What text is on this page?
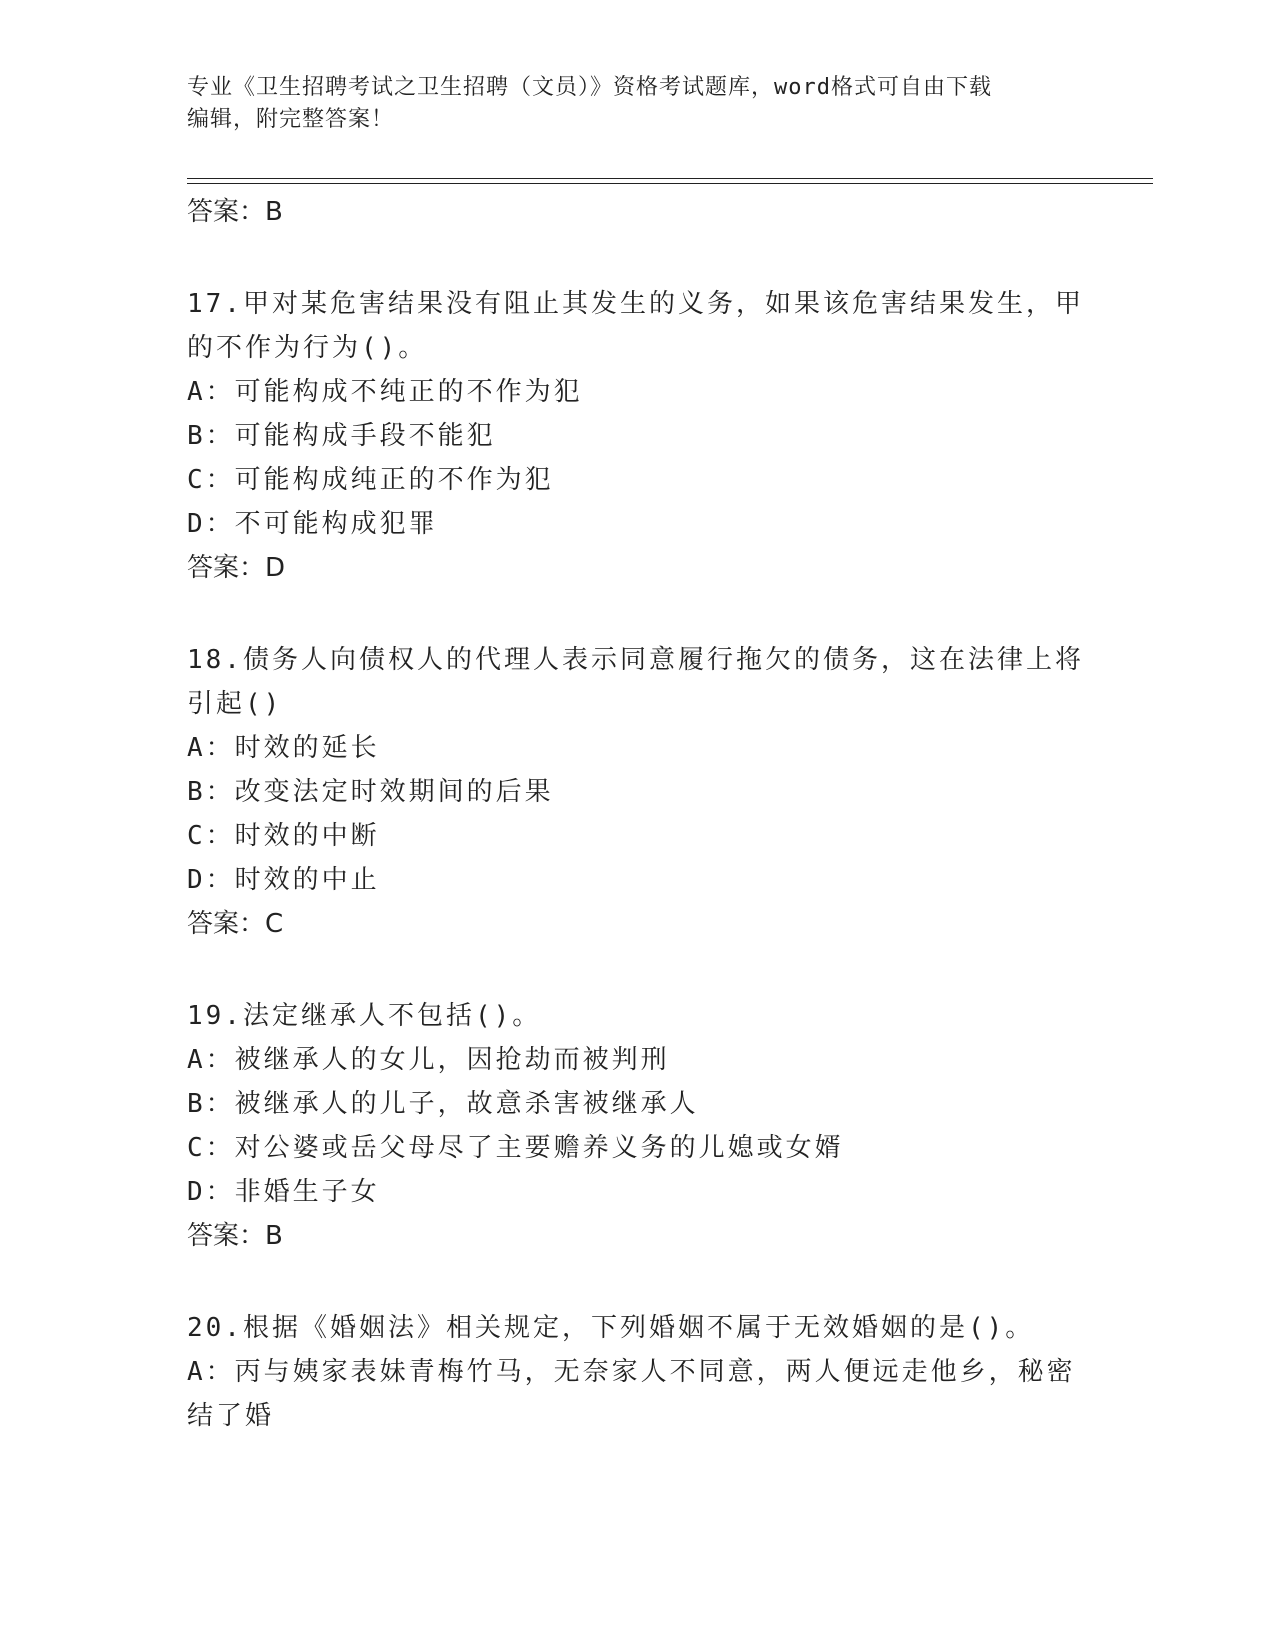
专业《卫生招聘考试之卫生招聘（文员）》资格考试题库，word格式可自由下载
编辑，附完整答案！
答案：B
17.甲对某危害结果没有阻止其发生的义务，如果该危害结果发生，甲
的不作为行为()。
A：可能构成不纯正的不作为犯
B：可能构成手段不能犯
C：可能构成纯正的不作为犯
D：不可能构成犯罪
答案：D
18.债务人向债权人的代理人表示同意履行拖欠的债务，这在法律上将
引起()
A：时效的延长
B：改变法定时效期间的后果
C：时效的中断
D：时效的中止
答案：C
19.法定继承人不包括()。
A：被继承人的女儿，因抢劫而被判刑
B：被继承人的儿子，故意杀害被继承人
C：对公婆或岳父母尽了主要赡养义务的儿媳或女婿
D：非婚生子女
答案：B
20.根据《婚姻法》相关规定，下列婚姻不属于无效婚姻的是()。
A：丙与姨家表妹青梅竹马，无奈家人不同意，两人便远走他乡，秘密
结了婚
